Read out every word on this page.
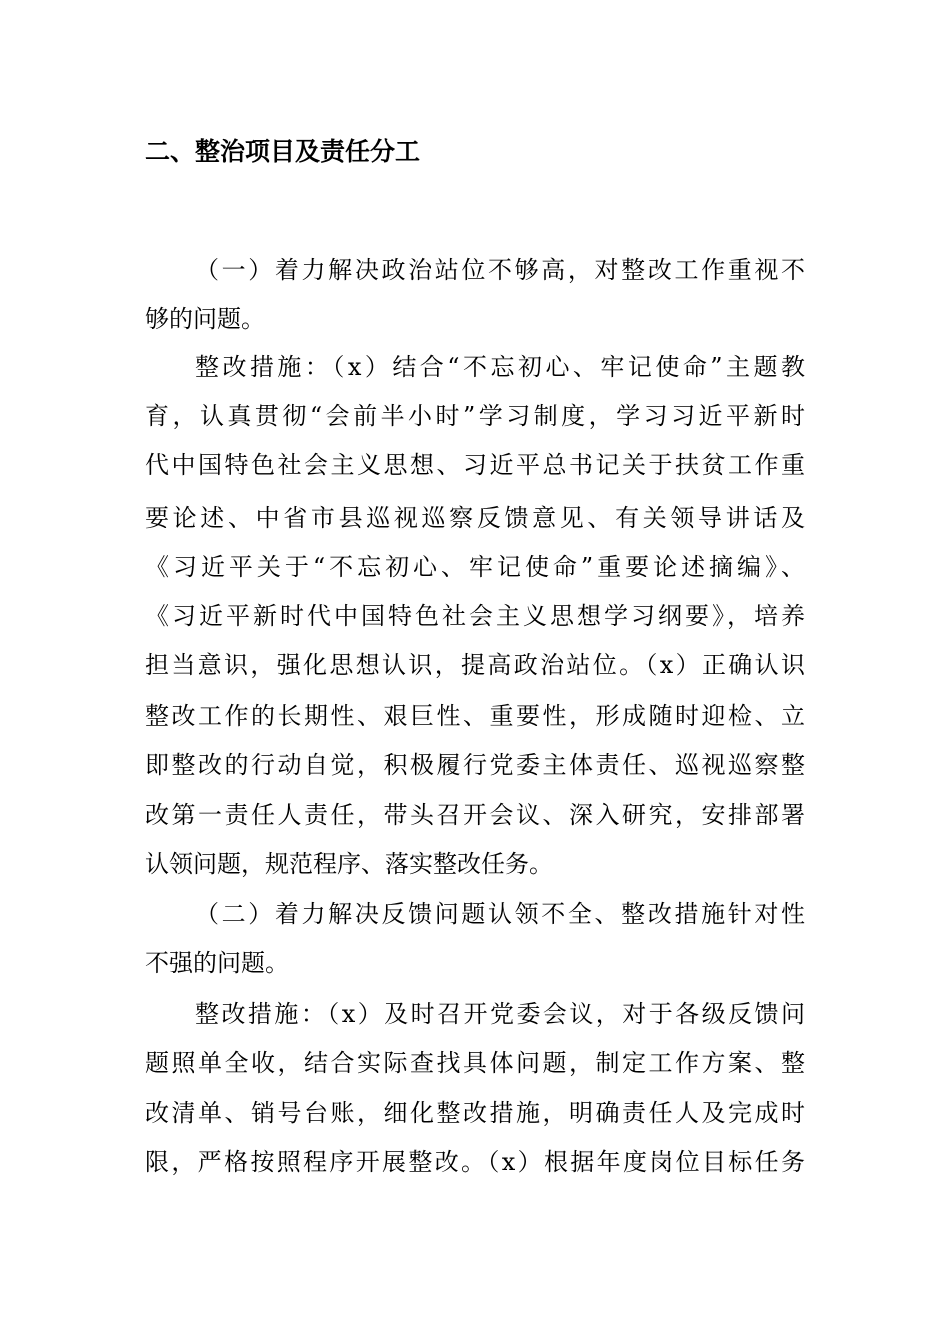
二、整治项目及责任分工
（一）着力解决政治站位不够高，对整改工作重视不
够的问题。
整改措施：（x）结合“不忘初心、牢记使命”主题教
育，认真贯彻“会前半小时”学习制度，学习习近平新时
代中国特色社会主义思想、习近平总书记关于扶贫工作重
要论述、中省市县巡视巡察反馈意见、有关领导讲话及
《习近平关于“不忘初心、牢记使命”重要论述摘编》、
《习近平新时代中国特色社会主义思想学习纲要》，培养
担当意识，强化思想认识，提高政治站位。（x）正确认识
整改工作的长期性、艰巨性、重要性，形成随时迎检、立
即整改的行动自觉，积极履行党委主体责任、巡视巡察整
改第一责任人责任，带头召开会议、深入研究，安排部署
认领问题，规范程序、落实整改任务。
（二）着力解决反馈问题认领不全、整改措施针对性
不强的问题。
整改措施：（x）及时召开党委会议，对于各级反馈问
题照单全收，结合实际查找具体问题，制定工作方案、整
改清单、销号台账，细化整改措施，明确责任人及完成时
限，严格按照程序开展整改。（x）根据年度岗位目标任务
